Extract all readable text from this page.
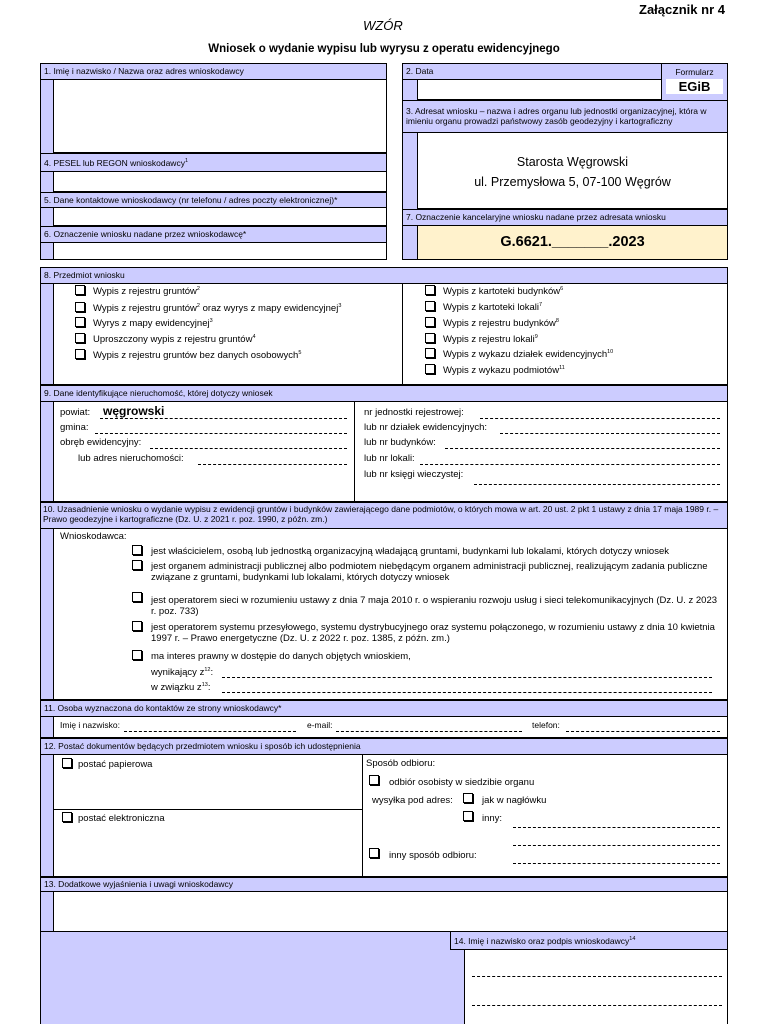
Załącznik nr 4
WZÓR
Wniosek o wydanie wypisu lub wyrysu z operatu ewidencyjnego
1. Imię i nazwisko / Nazwa oraz adres wnioskodawcy
4. PESEL lub REGON wnioskodawcy$^1$
5. Dane kontaktowe wnioskodawcy (nr telefonu / adres poczty elektronicznej)*
6. Oznaczenie wniosku nadane przez wnioskodawcę*
2. Data	Formularz
EGiB
3. Adresat wniosku – nazwa i adres organu lub jednostki organizacyjnej, która w imieniu organu prowadzi państwowy zasób geodezyjny i kartograficzny
Starosta Węgrowski
ul. Przemysłowa 5, 07-100 Węgrów
7. Oznaczenie kancelaryjne wniosku nadane przez adresata wniosku
G.6621._______.2023
8. Przedmiot wniosku
Wypis z rejestru gruntów$^2$
Wypis z rejestru gruntów$^2$ oraz wyrys z mapy ewidencyjnej$^3$
Wyrys z mapy ewidencyjnej$^3$
Uproszczony wypis z rejestru gruntów$^4$
Wypis z rejestru gruntów bez danych osobowych$^5$
Wypis z kartoteki budynków$^6$
Wypis z kartoteki lokali$^7$
Wypis z rejestru budynków$^8$
Wypis z rejestru lokali$^9$
Wypis z wykazu działek ewidencyjnych$^{10}$
Wypis z wykazu podmiotów$^{11}$
9. Dane identyfikujące nieruchomość, której dotyczy wniosek
powiat: węgrowski
gmina:
obręb ewidencyjny:
lub adres nieruchomości:
nr jednostki rejestrowej:
lub nr działek ewidencyjnych:
lub nr budynków:
lub nr lokali:
lub nr księgi wieczystej:
10. Uzasadnienie wniosku o wydanie wypisu z ewidencji gruntów i budynków zawierającego dane podmiotów, o których mowa w art. 20 ust. 2 pkt 1 ustawy z dnia 17 maja 1989 r. – Prawo geodezyjne i kartograficzne (Dz. U. z 2021 r. poz. 1990, z późn. zm.)
Wnioskodawca:
jest właścicielem, osobą lub jednostką organizacyjną władającą gruntami, budynkami lub lokalami, których dotyczy wniosek
jest organem administracji publicznej albo podmiotem niebędącym organem administracji publicznej, realizującym zadania publiczne związane z gruntami, budynkami lub lokalami, których dotyczy wniosek
jest operatorem sieci w rozumieniu ustawy z dnia 7 maja 2010 r. o wspieraniu rozwoju usług i sieci telekomunikacyjnych (Dz. U. z 2023 r. poz. 733)
jest operatorem systemu przesyłowego, systemu dystrybucyjnego oraz systemu połączonego, w rozumieniu ustawy z dnia 10 kwietnia 1997 r. – Prawo energetyczne (Dz. U. z 2022 r. poz. 1385, z późn. zm.)
ma interes prawny w dostępie do danych objętych wnioskiem,
wynikający $z^{12}$:
w związku $z^{13}$:
11. Osoba wyznaczona do kontaktów ze strony wnioskodawcy*
Imię i nazwisko:	e-mail:	telefon:
12. Postać dokumentów będących przedmiotem wniosku i sposób ich udostępnienia
postać papierowa
postać elektroniczna
Sposób odbioru:
odbiór osobisty w siedzibie organu
wysyłka pod adres:	jak w nagłówku
inny:
inny sposób odbioru:
13. Dodatkowe wyjaśnienia i uwagi wnioskodawcy
14. Imię i nazwisko oraz podpis wnioskodawcy$^{14}$
